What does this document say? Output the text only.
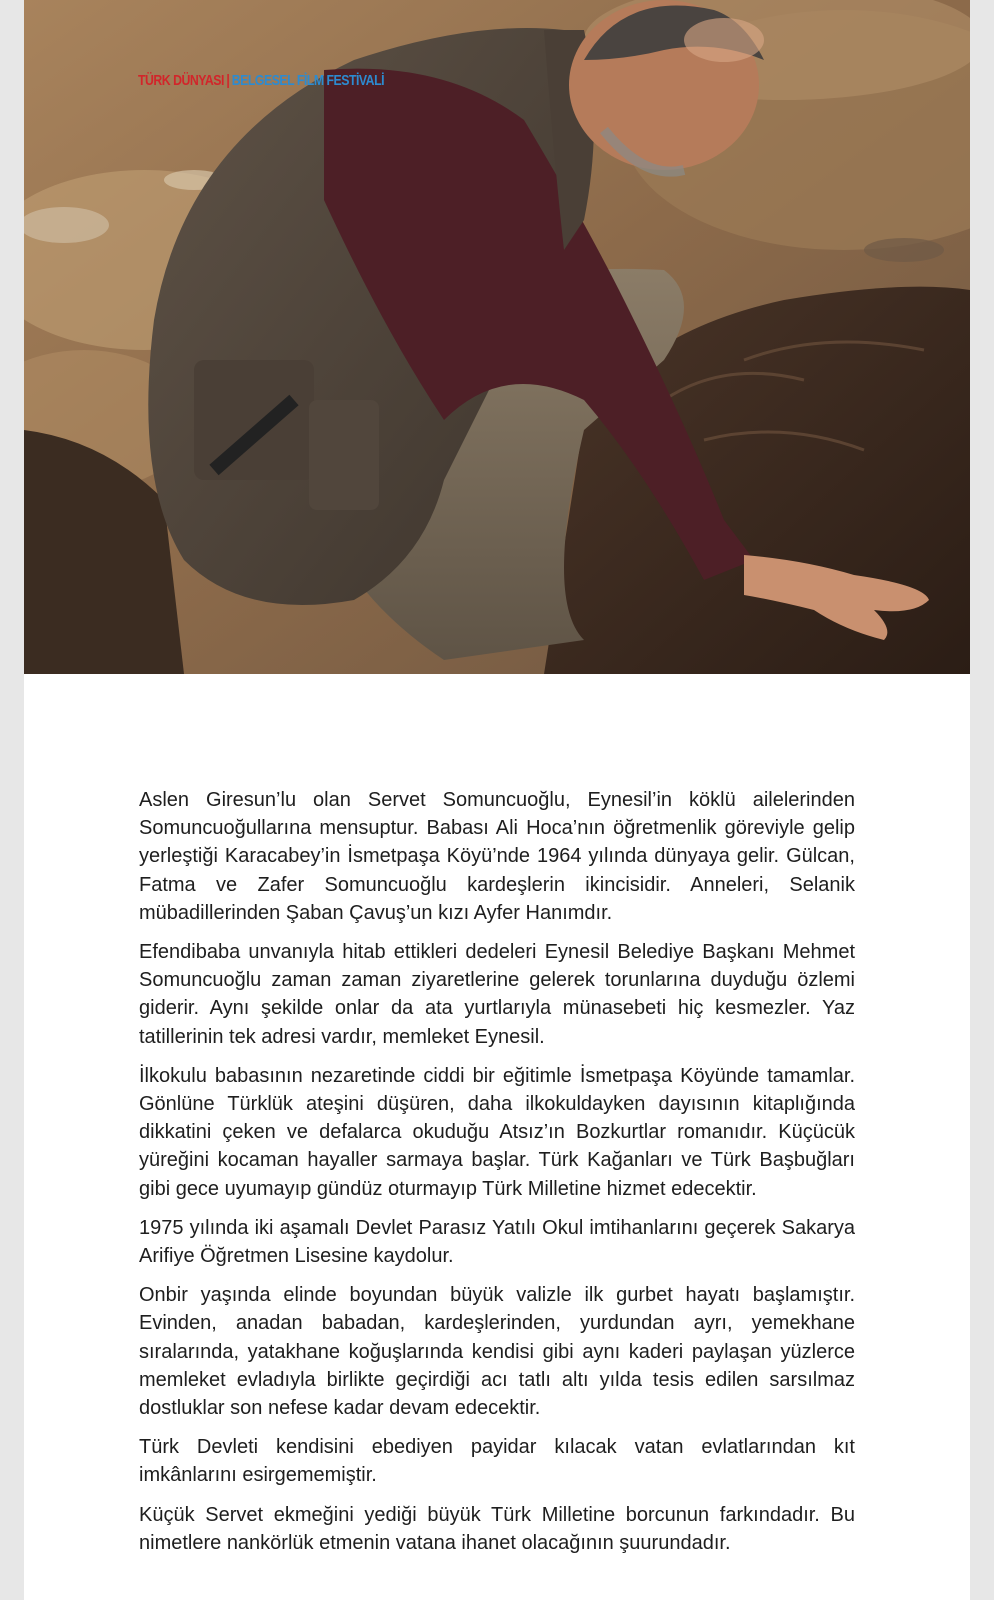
TÜRK DÜNYASI | BELGESEL FİLM FESTİVALİ

Aslen Giresun’lu olan Servet Somuncuoğlu, Eynesil’in köklü ailelerinden Somuncuoğullarına mensuptur. Babası Ali Hoca’nın öğretmenlik göreviyle gelip yerleştiği Karacabey’in İsmetpaşa Köyü’nde 1964 yılında dünyaya gelir. Gülcan, Fatma ve Zafer Somuncuoğlu kardeşlerin ikincisidir. Anneleri, Selanik mübadillerinden Şaban Çavuş’un kızı Ayfer Hanımdır.

Efendibaba unvanıyla hitab ettikleri dedeleri Eynesil Belediye Başkanı Mehmet Somuncuoğlu zaman zaman ziyaretlerine gelerek torunlarına duyduğu özlemi giderir. Aynı şekilde onlar da ata yurtlarıyla münasebeti hiç kesmezler. Yaz tatillerinin tek adresi vardır, memleket Eynesil.

İlkokulu babasının nezaretinde ciddi bir eğitimle İsmetpaşa Köyünde tamamlar. Gönlüne Türklük ateşini düşüren, daha ilkokuldayken dayısının kitaplığında dikkatini çeken ve defalarca okuduğu Atsız’ın Bozkurtlar romanıdır. Küçücük yüreğini kocaman hayaller sarmaya başlar. Türk Kağanları ve Türk Başbuğları gibi gece uyumayıp gündüz oturmayıp Türk Milletine hizmet edecektir.

1975 yılında iki aşamalı Devlet Parasız Yatılı Okul imtihanlarını geçerek Sakarya Arifiye Öğretmen Lisesine kaydolur.

Onbir yaşında elinde boyundan büyük valizle ilk gurbet hayatı başlamıştır. Evinden, anadan babadan, kardeşlerinden, yurdundan ayrı, yemekhane sıralarında, yatakhane koğuşlarında kendisi gibi aynı kaderi paylaşan yüzlerce memleket evladıyla birlikte geçirdiği acı tatlı altı yılda tesis edilen sarsılmaz dostluklar son nefese kadar devam edecektir.

Türk Devleti kendisini ebediyen payidar kılacak vatan evlatlarından kıt imkânlarını esirgememiştir.

Küçük Servet ekmeğini yediği büyük Türk Milletine borcunun farkındadır. Bu nimetlere nankörlük etmenin vatana ihanet olacağının şuurundadır.
